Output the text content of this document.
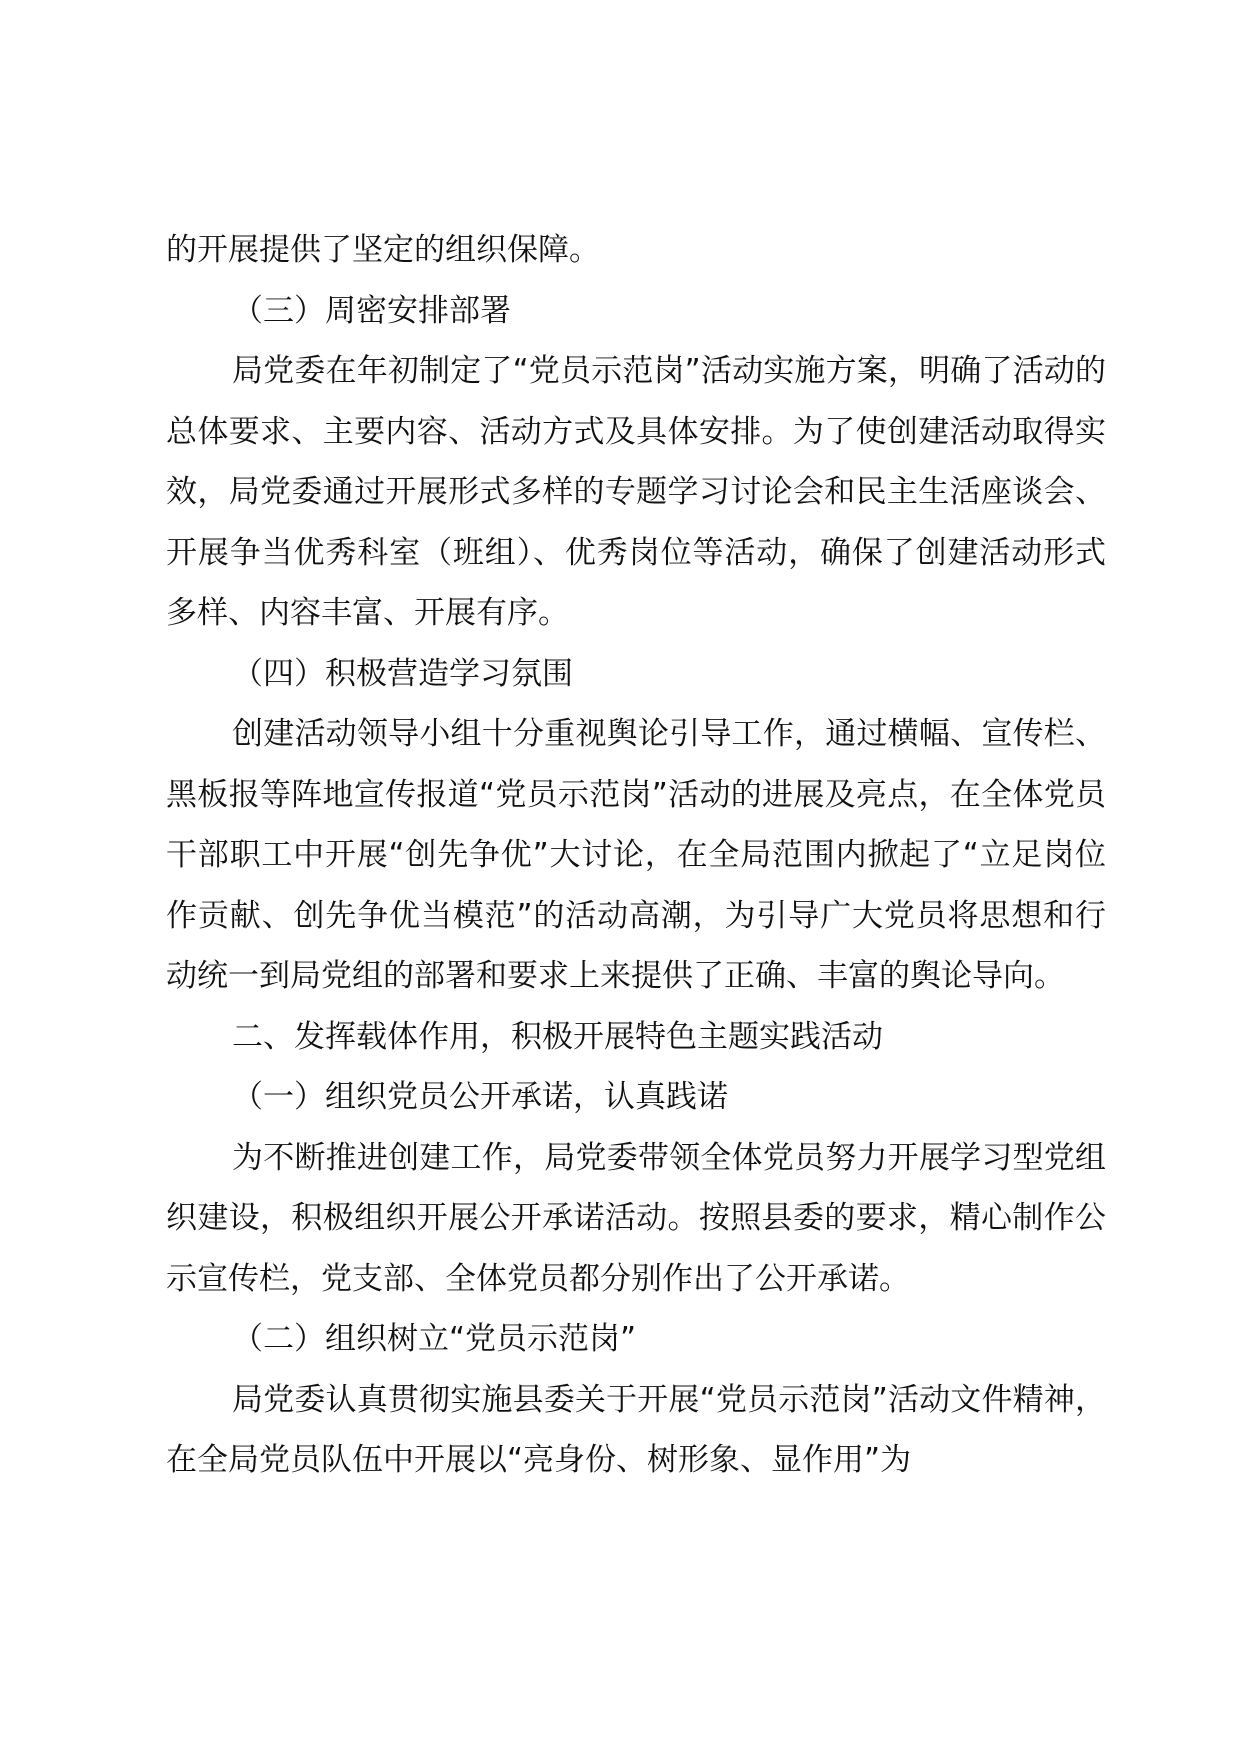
的开展提供了坚定的组织保障。

（三）周密安排部署

局党委在年初制定了“党员示范岗”活动实施方案，明确了活动的总体要求、主要内容、活动方式及具体安排。为了使创建活动取得实效，局党委通过开展形式多样的专题学习讨论会和民主生活座谈会、开展争当优秀科室（班组）、优秀岗位等活动，确保了创建活动形式多样、内容丰富、开展有序。

（四）积极营造学习氛围

创建活动领导小组十分重视舆论引导工作，通过横幅、宣传栏、黑板报等阵地宣传报道“党员示范岗”活动的进展及亮点，在全体党员干部职工中开展“创先争优”大讨论，在全局范围内掀起了“立足岗位作贡献、创先争优当模范”的活动高潮，为引导广大党员将思想和行动统一到局党组的部署和要求上来提供了正确、丰富的舆论导向。

二、发挥载体作用，积极开展特色主题实践活动

（一）组织党员公开承诺，认真践诺

为不断推进创建工作，局党委带领全体党员努力开展学习型党组织建设，积极组织开展公开承诺活动。按照县委的要求，精心制作公示宣传栏，党支部、全体党员都分别作出了公开承诺。

（二）组织树立“党员示范岗”

局党委认真贯彻实施县委关于开展“党员示范岗”活动文件精神，在全局党员队伍中开展以“亮身份、树形象、显作用”为
